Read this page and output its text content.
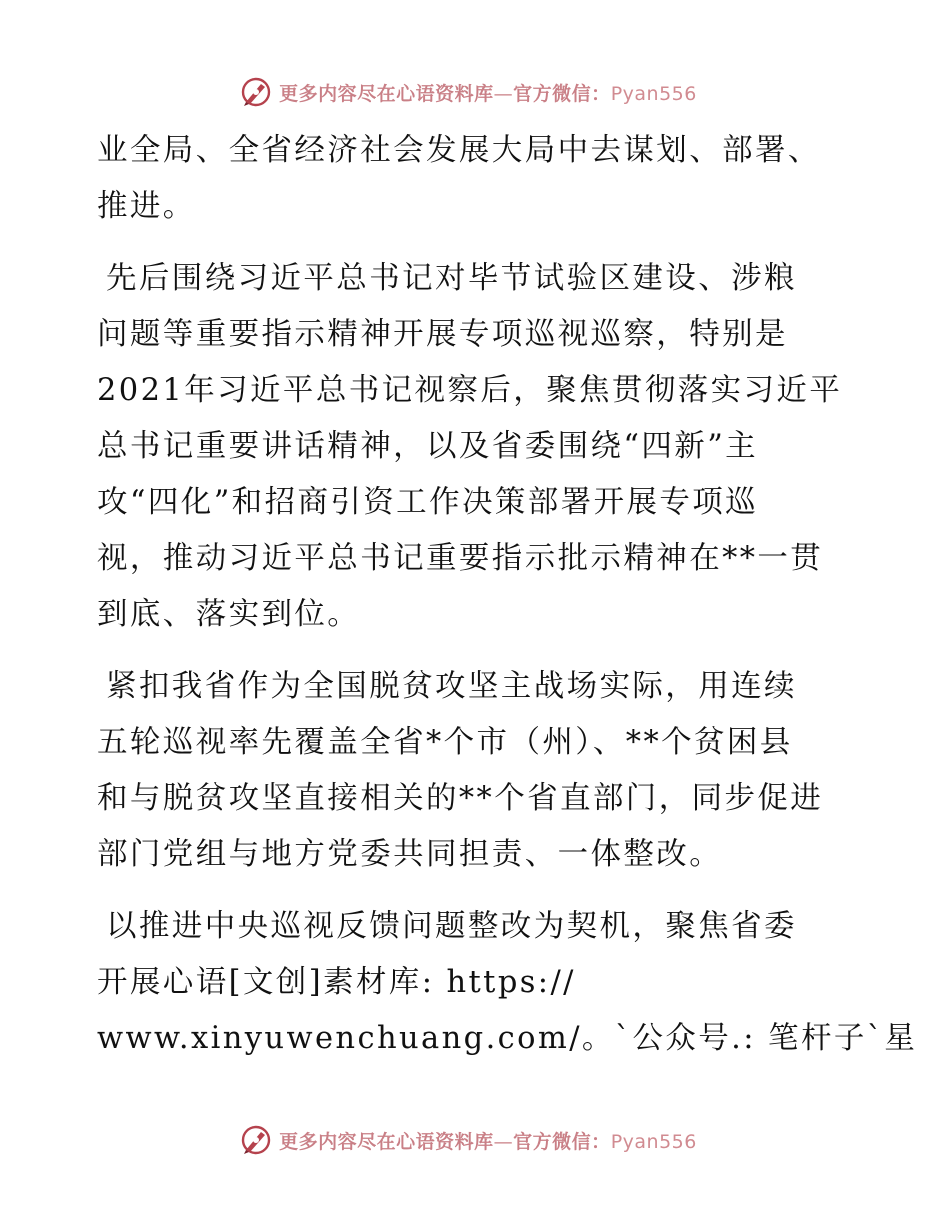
更多内容尽在心语资料库—官方微信：Pyan556
业全局、全省经济社会发展大局中去谋划、部署、
推进。
先后围绕习近平总书记对毕节试验区建设、涉粮
问题等重要指示精神开展专项巡视巡察，特别是
2021年习近平总书记视察后，聚焦贯彻落实习近平
总书记重要讲话精神，以及省委围绕“四新”主
攻“四化”和招商引资工作决策部署开展专项巡
视，推动习近平总书记重要指示批示精神在**一贯
到底、落实到位。
紧扣我省作为全国脱贫攻坚主战场实际，用连续
五轮巡视率先覆盖全省*个市（州）、**个贫困县
和与脱贫攻坚直接相关的**个省直部门，同步促进
部门党组与地方党委共同担责、一体整改。
以推进中央巡视反馈问题整改为契机，聚焦省委
开展心语[文创]素材库: https://
www.xinyuwenchuang.com/。`公众号.: 笔杆子`星
更多内容尽在心语资料库—官方微信：Pyan556
